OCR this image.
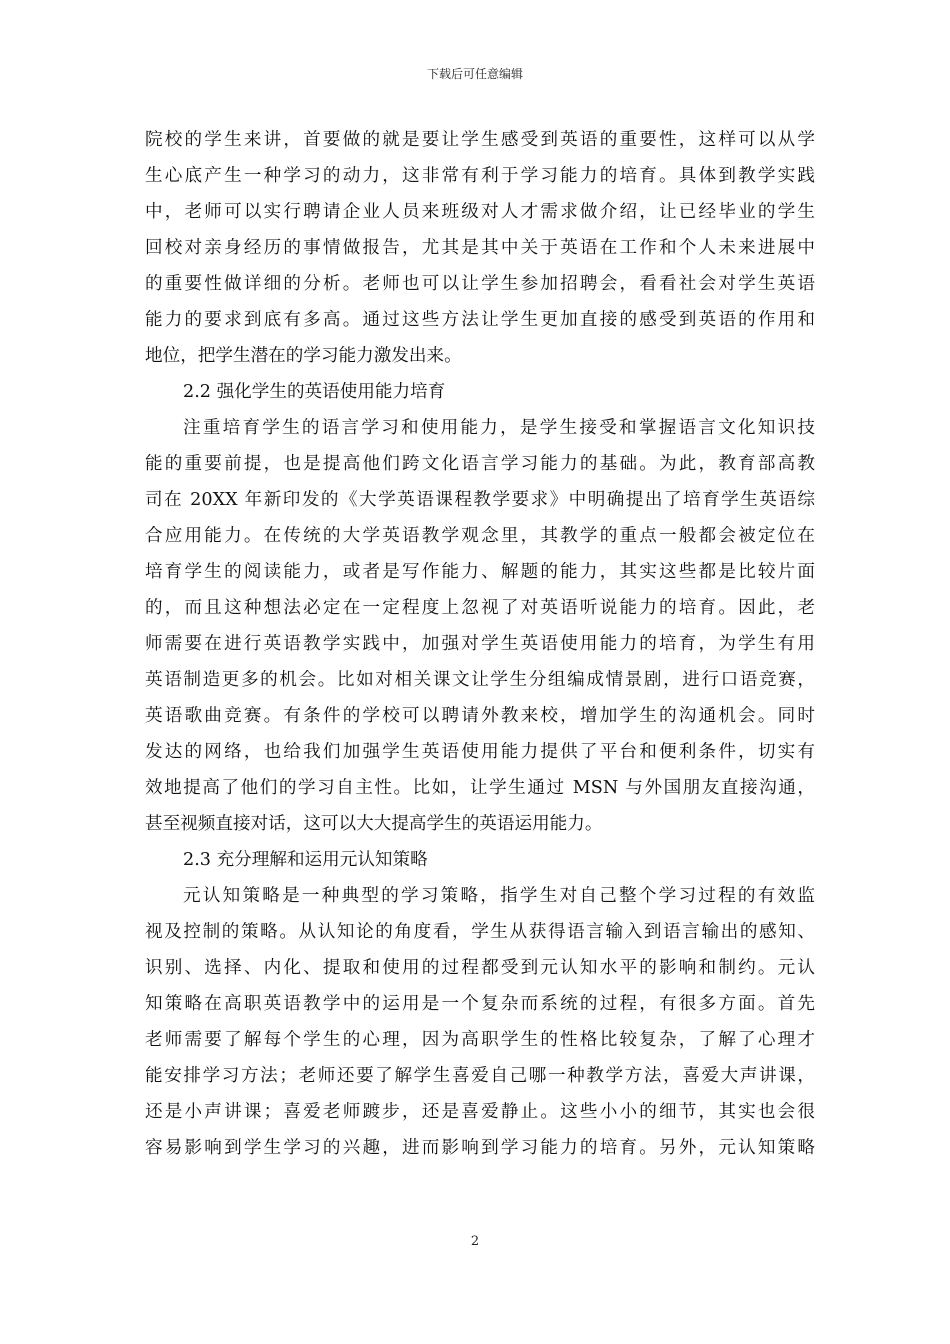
下载后可任意编辑
院校的学生来讲，首要做的就是要让学生感受到英语的重要性，这样可以从学
生心底产生一种学习的动力，这非常有利于学习能力的培育。具体到教学实践
中，老师可以实行聘请企业人员来班级对人才需求做介绍，让已经毕业的学生
回校对亲身经历的事情做报告，尤其是其中关于英语在工作和个人未来进展中
的重要性做详细的分析。老师也可以让学生参加招聘会，看看社会对学生英语
能力的要求到底有多高。通过这些方法让学生更加直接的感受到英语的作用和
地位，把学生潜在的学习能力激发出来。
2.2 强化学生的英语使用能力培育
注重培育学生的语言学习和使用能力，是学生接受和掌握语言文化知识技
能的重要前提，也是提高他们跨文化语言学习能力的基础。为此，教育部高教
司在 20XX 年新印发的《大学英语课程教学要求》中明确提出了培育学生英语综
合应用能力。在传统的大学英语教学观念里，其教学的重点一般都会被定位在
培育学生的阅读能力，或者是写作能力、解题的能力，其实这些都是比较片面
的，而且这种想法必定在一定程度上忽视了对英语听说能力的培育。因此，老
师需要在进行英语教学实践中，加强对学生英语使用能力的培育，为学生有用
英语制造更多的机会。比如对相关课文让学生分组编成情景剧，进行口语竞赛，
英语歌曲竞赛。有条件的学校可以聘请外教来校，增加学生的沟通机会。同时
发达的网络，也给我们加强学生英语使用能力提供了平台和便利条件，切实有
效地提高了他们的学习自主性。比如，让学生通过 MSN 与外国朋友直接沟通，
甚至视频直接对话，这可以大大提高学生的英语运用能力。
2.3 充分理解和运用元认知策略
元认知策略是一种典型的学习策略，指学生对自己整个学习过程的有效监
视及控制的策略。从认知论的角度看，学生从获得语言输入到语言输出的感知、
识别、选择、内化、提取和使用的过程都受到元认知水平的影响和制约。元认
知策略在高职英语教学中的运用是一个复杂而系统的过程，有很多方面。首先
老师需要了解每个学生的心理，因为高职学生的性格比较复杂，了解了心理才
能安排学习方法；老师还要了解学生喜爱自己哪一种教学方法，喜爱大声讲课，
还是小声讲课；喜爱老师踱步，还是喜爱静止。这些小小的细节，其实也会很
容易影响到学生学习的兴趣，进而影响到学习能力的培育。另外，元认知策略
2
